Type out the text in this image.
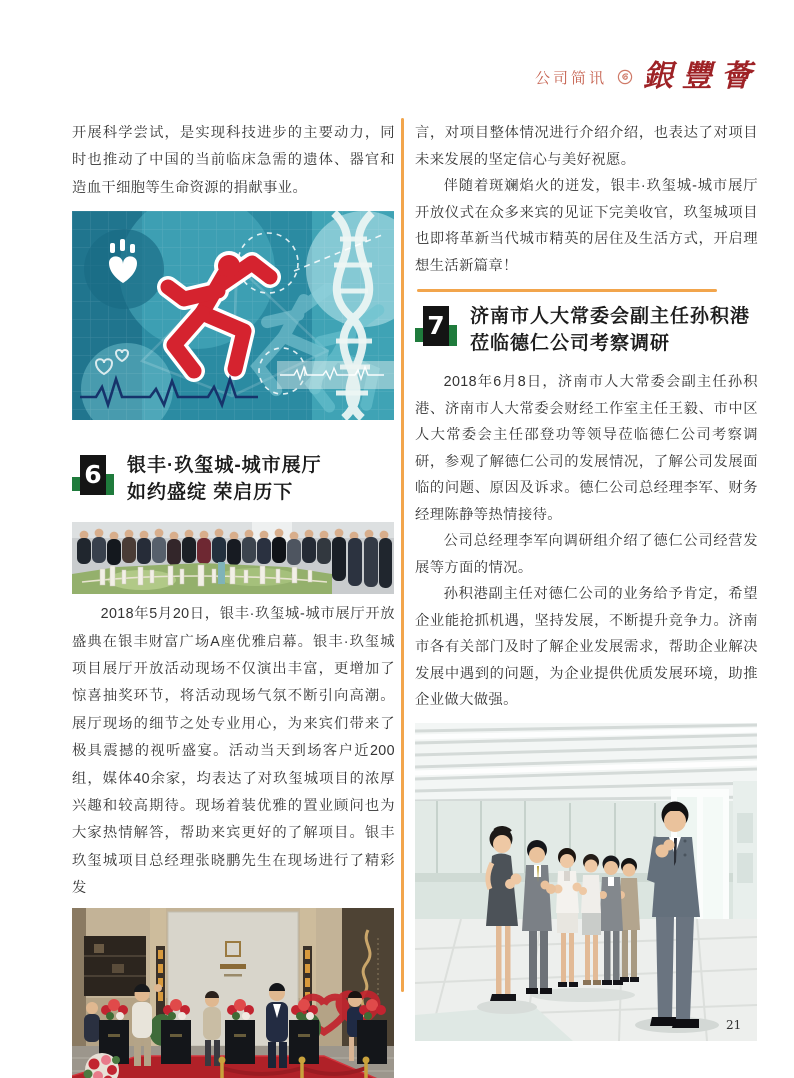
公司简讯 銀豐薈

开展科学尝试，是实现科技进步的主要动力，同时也推动了中国的当前临床急需的遗体、器官和造血干细胞等生命资源的捐献事业。

6 银丰·玖玺城-城市展厅
如约盛绽 荣启历下

2018年5月20日，银丰·玖玺城-城市展厅开放盛典在银丰财富广场A座优雅启幕。银丰·玖玺城项目展厅开放活动现场不仅演出丰富，更增加了惊喜抽奖环节，将活动现场气氛不断引向高潮。展厅现场的细节之处专业用心，为来宾们带来了极具震撼的视听盛宴。活动当天到场客户近200组，媒体40余家，均表达了对玖玺城项目的浓厚兴趣和较高期待。现场着装优雅的置业顾问也为大家热情解答，帮助来宾更好的了解项目。银丰玖玺城项目总经理张晓鹏先生在现场进行了精彩发

言，对项目整体情况进行介绍介绍，也表达了对项目未来发展的坚定信心与美好祝愿。

伴随着斑斓焰火的迸发，银丰·玖玺城-城市展厅开放仪式在众多来宾的见证下完美收官，玖玺城项目也即将革新当代城市精英的居住及生活方式，开启理想生活新篇章！

7 济南市人大常委会副主任孙积港
莅临德仁公司考察调研

2018年6月8日，济南市人大常委会副主任孙积港、济南市人大常委会财经工作室主任王毅、市中区人大常委会主任邵登功等领导莅临德仁公司考察调研，参观了解德仁公司的发展情况，了解公司发展面临的问题、原因及诉求。德仁公司总经理李军、财务经理陈静等热情接待。

公司总经理李军向调研组介绍了德仁公司经营发展等方面的情况。

孙积港副主任对德仁公司的业务给予肯定，希望企业能抢抓机遇，坚持发展，不断提升竞争力。济南市各有关部门及时了解企业发展需求，帮助企业解决发展中遇到的问题，为企业提供优质发展环境，助推企业做大做强。

21
